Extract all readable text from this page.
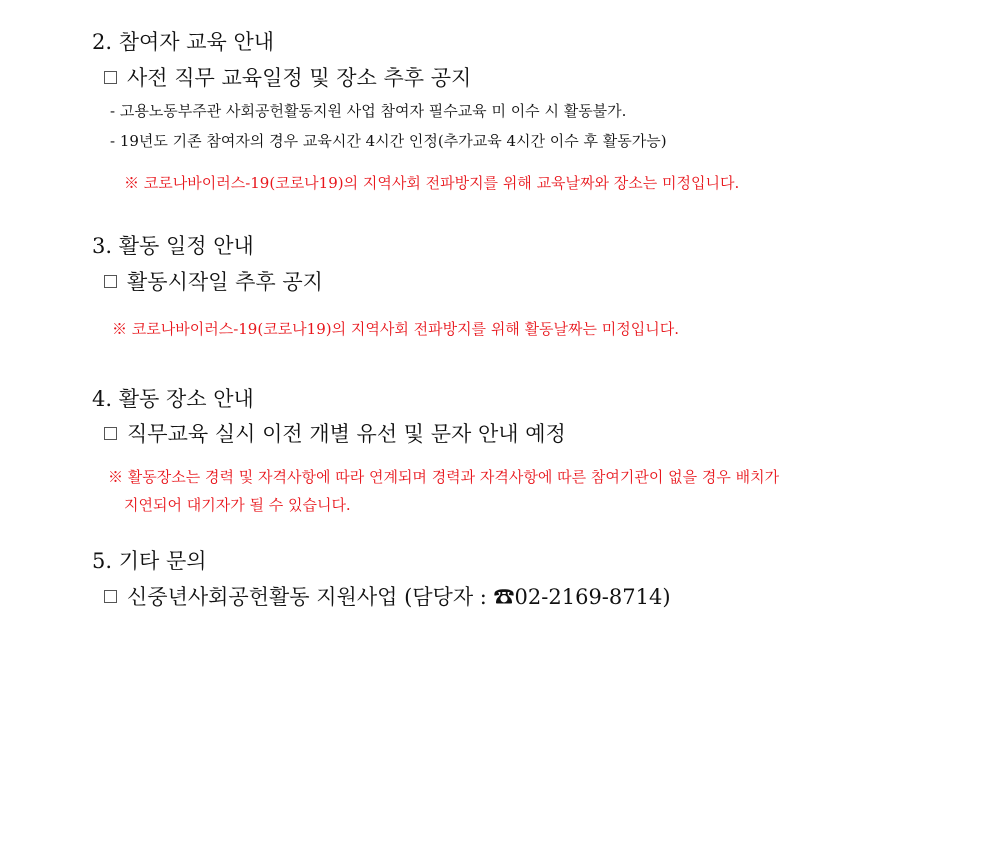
2. 참여자 교육 안내
사전 직무 교육일정 및 장소 추후 공지
- 고용노동부주관 사회공헌활동지원 사업 참여자 필수교육 미 이수 시 활동불가.
- 19년도 기존 참여자의 경우 교육시간 4시간 인정(추가교육 4시간 이수 후 활동가능)
※ 코로나바이러스-19(코로나19)의 지역사회 전파방지를 위해 교육날짜와 장소는 미정입니다.
3. 활동 일정 안내
활동시작일 추후 공지
※ 코로나바이러스-19(코로나19)의 지역사회 전파방지를 위해 활동날짜는 미정입니다.
4. 활동 장소 안내
직무교육 실시 이전 개별 유선 및 문자 안내 예정
※ 활동장소는 경력 및 자격사항에 따라 연계되며 경력과 자격사항에 따른 참여기관이 없을 경우 배치가
지연되어 대기자가 될 수 있습니다.
5. 기타 문의
신중년사회공헌활동 지원사업 (담당자 : ☎02-2169-8714)
